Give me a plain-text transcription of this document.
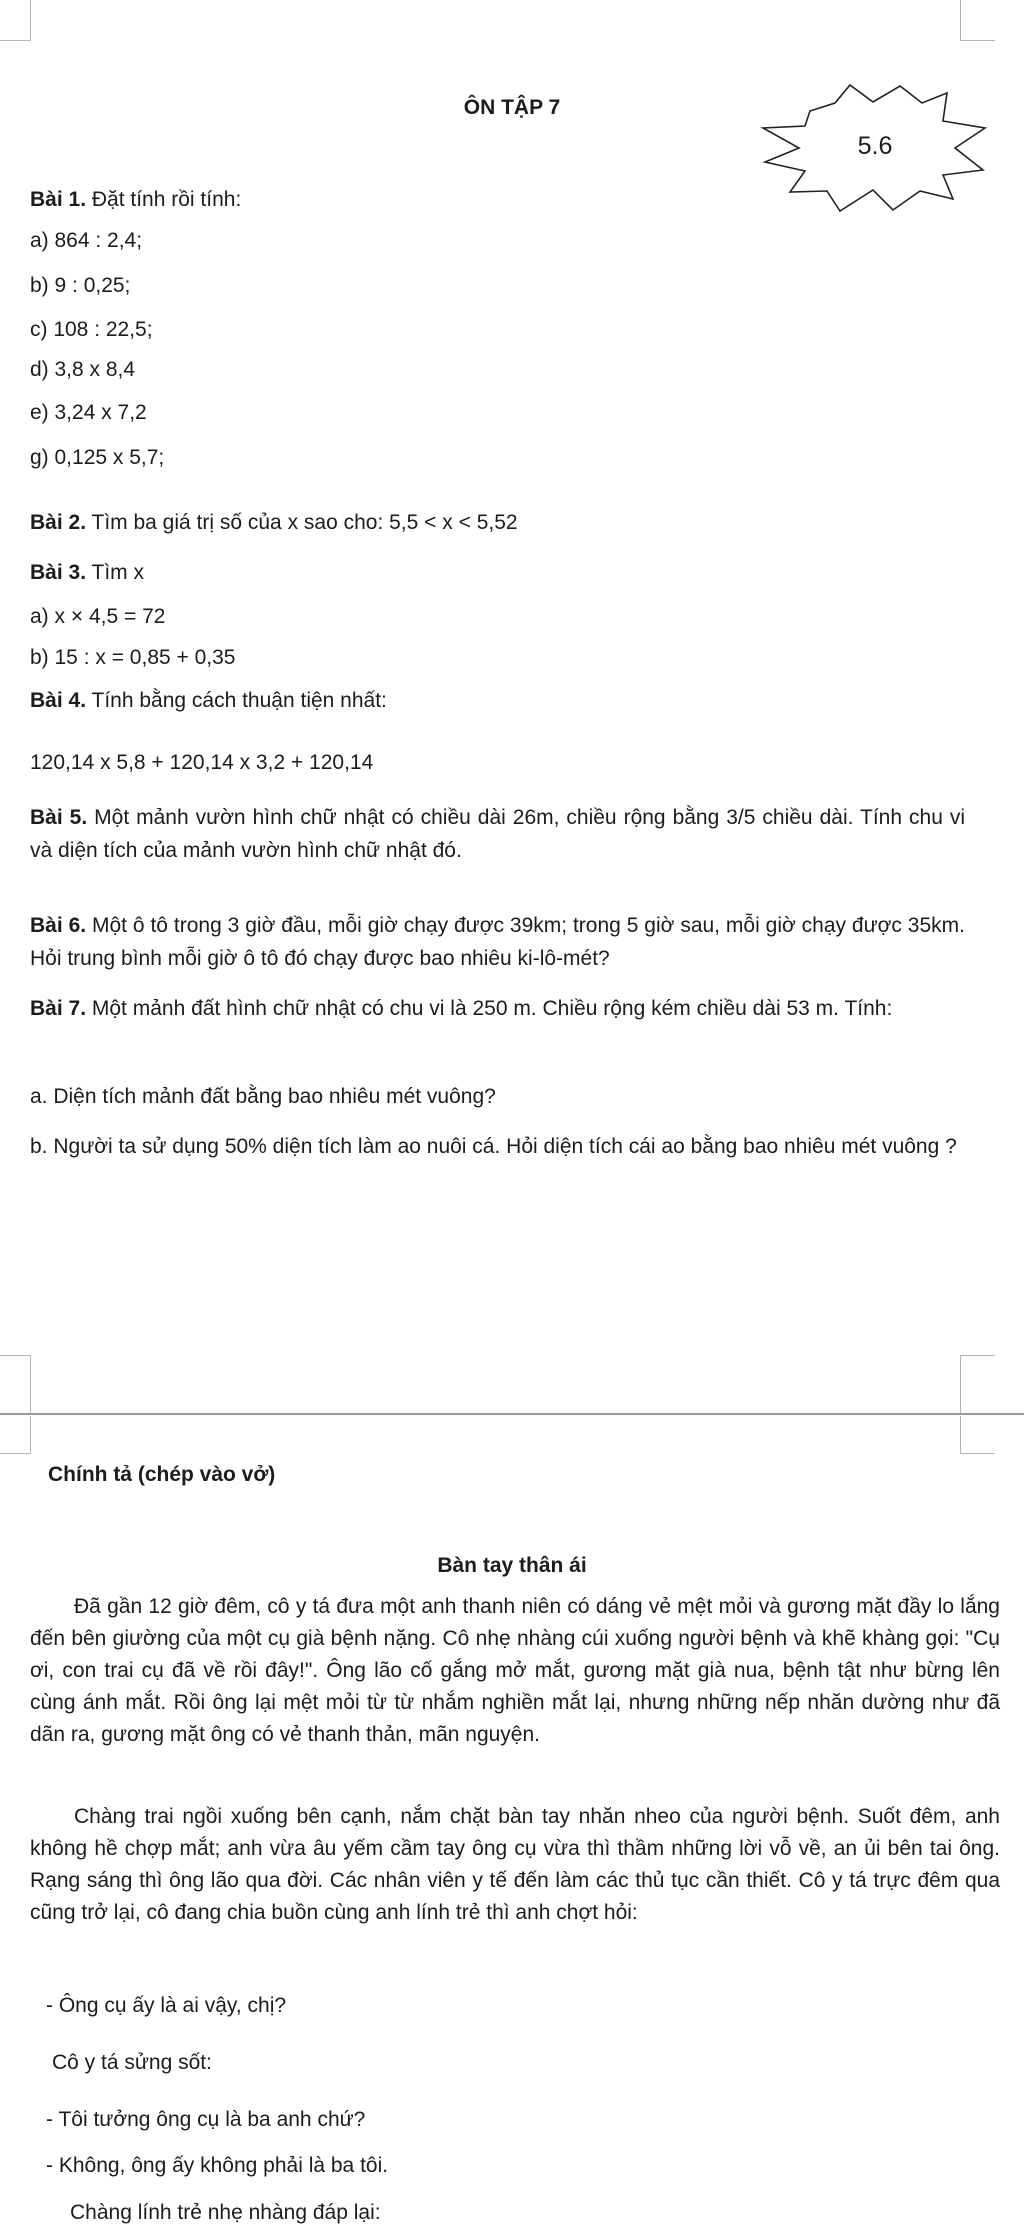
ÔN TẬP 7
5.6
Bài 1. Đặt tính rồi tính:
a) 864 : 2,4;
b) 9 : 0,25;
c) 108 : 22,5;
d) 3,8 x 8,4
e) 3,24 x 7,2
g) 0,125 x 5,7;
Bài 2. Tìm ba giá trị số của x sao cho: 5,5 < x < 5,52
Bài 3. Tìm x
a) x × 4,5 = 72
b) 15 : x = 0,85 + 0,35
Bài 4. Tính bằng cách thuận tiện nhất:
120,14 x 5,8 + 120,14 x 3,2 + 120,14
Bài 5. Một mảnh vườn hình chữ nhật có chiều dài 26m, chiều rộng bằng 3/5 chiều dài. Tính chu vi và diện tích của mảnh vườn hình chữ nhật đó.
Bài 6. Một ô tô trong 3 giờ đầu, mỗi giờ chạy được 39km; trong 5 giờ sau, mỗi giờ chạy được 35km. Hỏi trung bình mỗi giờ ô tô đó chạy được bao nhiêu ki-lô-mét?
Bài 7. Một mảnh đất hình chữ nhật có chu vi là 250 m. Chiều rộng kém chiều dài 53 m. Tính:
a. Diện tích mảnh đất bằng bao nhiêu mét vuông?
b. Người ta sử dụng 50% diện tích làm ao nuôi cá. Hỏi diện tích cái ao bằng bao nhiêu mét vuông ?
Chính tả (chép vào vở)
Bàn tay thân ái
Đã gần 12 giờ đêm, cô y tá đưa một anh thanh niên có dáng vẻ mệt mỏi và gương mặt đầy lo lắng đến bên giường của một cụ già bệnh nặng. Cô nhẹ nhàng cúi xuống người bệnh và khẽ khàng gọi: "Cụ ơi, con trai cụ đã về rồi đây!". Ông lão cố gắng mở mắt, gương mặt già nua, bệnh tật như bừng lên cùng ánh mắt. Rồi ông lại mệt mỏi từ từ nhắm nghiền mắt lại, nhưng những nếp nhăn dường như đã dãn ra, gương mặt ông có vẻ thanh thản, mãn nguyện.
Chàng trai ngồi xuống bên cạnh, nắm chặt bàn tay nhăn nheo của người bệnh. Suốt đêm, anh không hề chợp mắt; anh vừa âu yếm cầm tay ông cụ vừa thì thầm những lời vỗ về, an ủi bên tai ông. Rạng sáng thì ông lão qua đời. Các nhân viên y tế đến làm các thủ tục cần thiết. Cô y tá trực đêm qua cũng trở lại, cô đang chia buồn cùng anh lính trẻ thì anh chợt hỏi:
- Ông cụ ấy là ai vậy, chị?
Cô y tá sửng sốt:
- Tôi tưởng ông cụ là ba anh chứ?
- Không, ông ấy không phải là ba tôi.
Chàng lính trẻ nhẹ nhàng đáp lại:
